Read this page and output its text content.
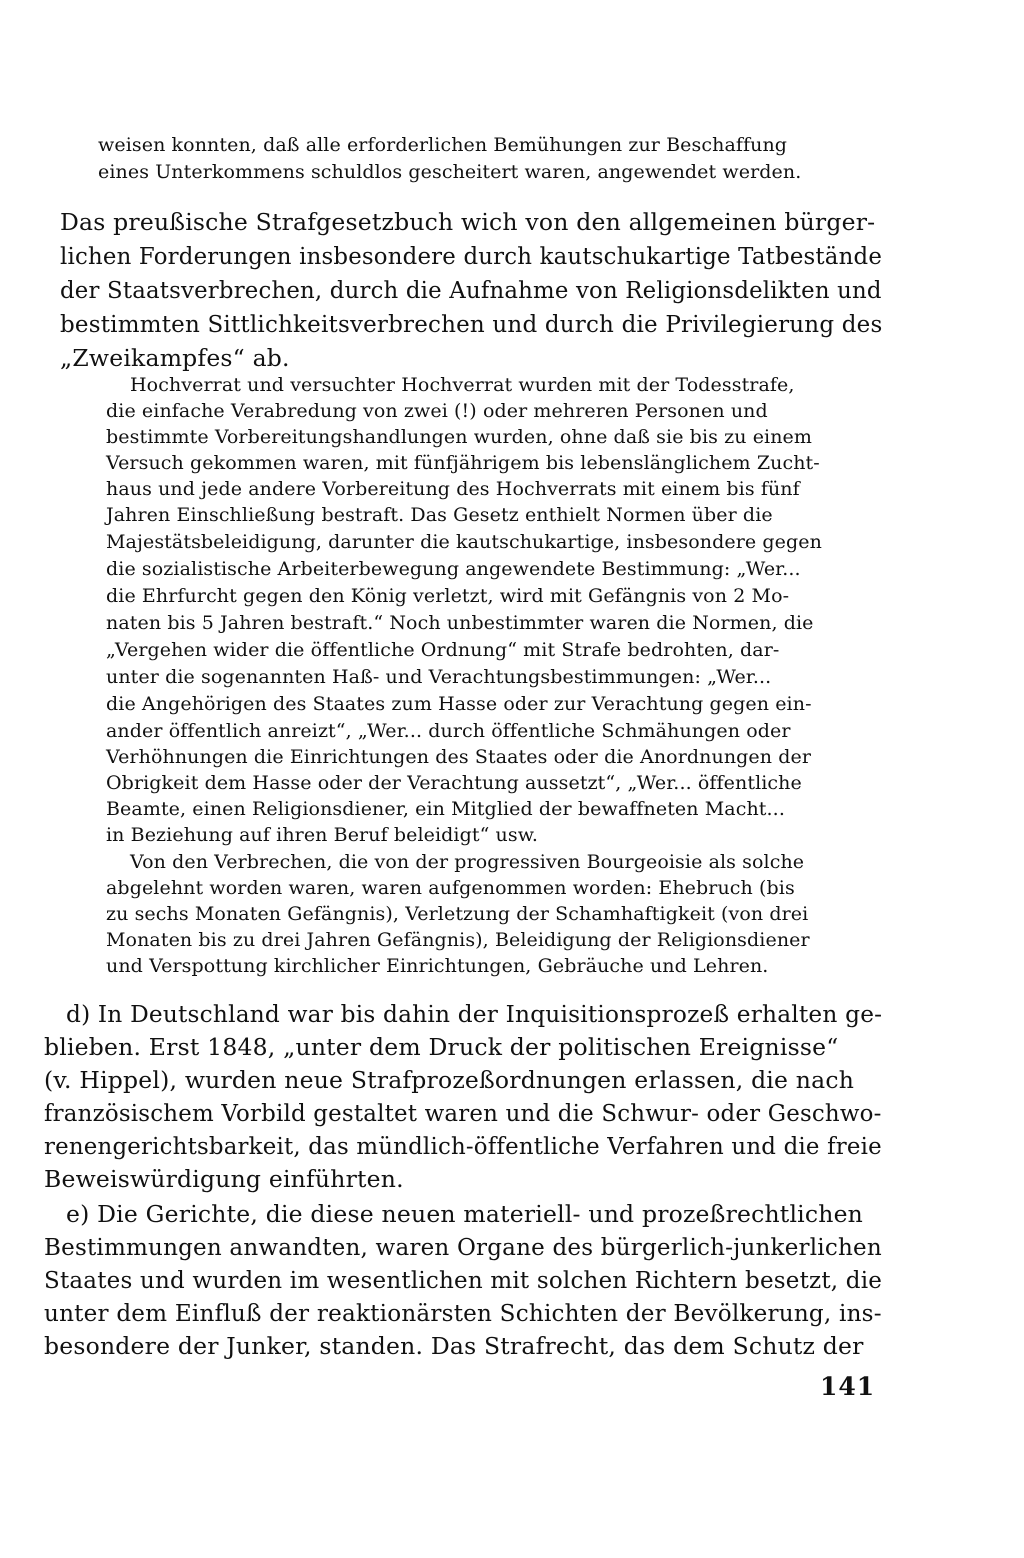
weisen konnten, daß alle erforderlichen Bemühungen zur Beschaffung
eines Unterkommens schuldlos gescheitert waren, angewendet werden.
Das preußische Strafgesetzbuch wich von den allgemeinen bürger-
lichen Forderungen insbesondere durch kautschukartige Tatbestände
der Staatsverbrechen, durch die Aufnahme von Religionsdelikten und
bestimmten Sittlichkeitsverbrechen und durch die Privilegierung des
„Zweikampfes“ ab.
Hochverrat und versuchter Hochverrat wurden mit der Todesstrafe,
die einfache Verabredung von zwei (!) oder mehreren Personen und
bestimmte Vorbereitungshandlungen wurden, ohne daß sie bis zu einem
Versuch gekommen waren, mit fünfjährigem bis lebenslänglichem Zucht-
haus und jede andere Vorbereitung des Hochverrats mit einem bis fünf
Jahren Einschließung bestraft. Das Gesetz enthielt Normen über die
Majestätsbeleidigung, darunter die kautschukartige, insbesondere gegen
die sozialistische Arbeiterbewegung angewendete Bestimmung: „Wer...
die Ehrfurcht gegen den König verletzt, wird mit Gefängnis von 2 Mo-
naten bis 5 Jahren bestraft.“ Noch unbestimmter waren die Normen, die
„Vergehen wider die öffentliche Ordnung“ mit Strafe bedrohten, dar-
unter die sogenannten Haß- und Verachtungsbestimmungen: „Wer...
die Angehörigen des Staates zum Hasse oder zur Verachtung gegen ein-
ander öffentlich anreizt“, „Wer... durch öffentliche Schmähungen oder
Verhöhnungen die Einrichtungen des Staates oder die Anordnungen der
Obrigkeit dem Hasse oder der Verachtung aussetzt“, „Wer... öffentliche
Beamte, einen Religionsdiener, ein Mitglied der bewaffneten Macht...
in Beziehung auf ihren Beruf beleidigt“ usw.
Von den Verbrechen, die von der progressiven Bourgeoisie als solche
abgelehnt worden waren, waren aufgenommen worden: Ehebruch (bis
zu sechs Monaten Gefängnis), Verletzung der Schamhaftigkeit (von drei
Monaten bis zu drei Jahren Gefängnis), Beleidigung der Religionsdiener
und Verspottung kirchlicher Einrichtungen, Gebräuche und Lehren.
d) In Deutschland war bis dahin der Inquisitionsprozeß erhalten ge-
blieben. Erst 1848, „unter dem Druck der politischen Ereignisse“
(v. Hippel), wurden neue Strafprozeßordnungen erlassen, die nach
französischem Vorbild gestaltet waren und die Schwur- oder Geschwo-
renengerichtsbarkeit, das mündlich-öffentliche Verfahren und die freie
Beweiswürdigung einführten.
e) Die Gerichte, die diese neuen materiell- und prozeßrechtlichen
Bestimmungen anwandten, waren Organe des bürgerlich-junkerlichen
Staates und wurden im wesentlichen mit solchen Richtern besetzt, die
unter dem Einfluß der reaktionärsten Schichten der Bevölkerung, ins-
besondere der Junker, standen. Das Strafrecht, das dem Schutz der
141
